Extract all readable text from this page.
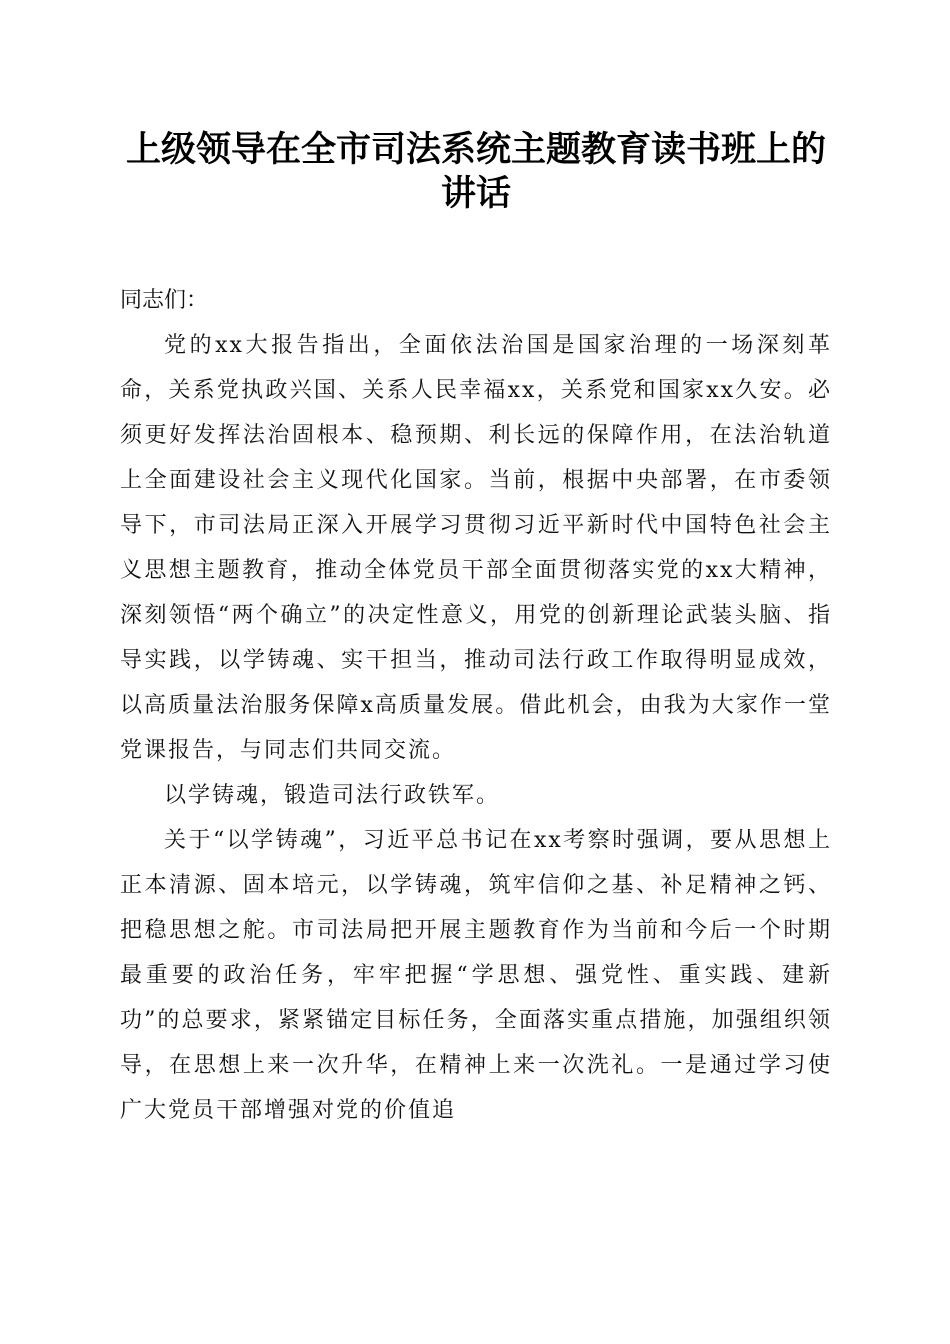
上级领导在全市司法系统主题教育读书班上的讲话

同志们：

党的xx大报告指出，全面依法治国是国家治理的一场深刻革命，关系党执政兴国、关系人民幸福xx，关系党和国家xx久安。必须更好发挥法治固根本、稳预期、利长远的保障作用，在法治轨道上全面建设社会主义现代化国家。当前，根据中央部署，在市委领导下，市司法局正深入开展学习贯彻习近平新时代中国特色社会主义思想主题教育，推动全体党员干部全面贯彻落实党的xx大精神，深刻领悟“两个确立”的决定性意义，用党的创新理论武装头脑、指导实践，以学铸魂、实干担当，推动司法行政工作取得明显成效，以高质量法治服务保障x高质量发展。借此机会，由我为大家作一堂党课报告，与同志们共同交流。

以学铸魂，锻造司法行政铁军。

关于“以学铸魂”，习近平总书记在xx考察时强调，要从思想上正本清源、固本培元，以学铸魂，筑牢信仰之基、补足精神之钙、把稳思想之舵。市司法局把开展主题教育作为当前和今后一个时期最重要的政治任务，牢牢把握“学思想、强党性、重实践、建新功”的总要求，紧紧锚定目标任务，全面落实重点措施，加强组织领导，在思想上来一次升华，在精神上来一次洗礼。一是通过学习使广大党员干部增强对党的价值追
